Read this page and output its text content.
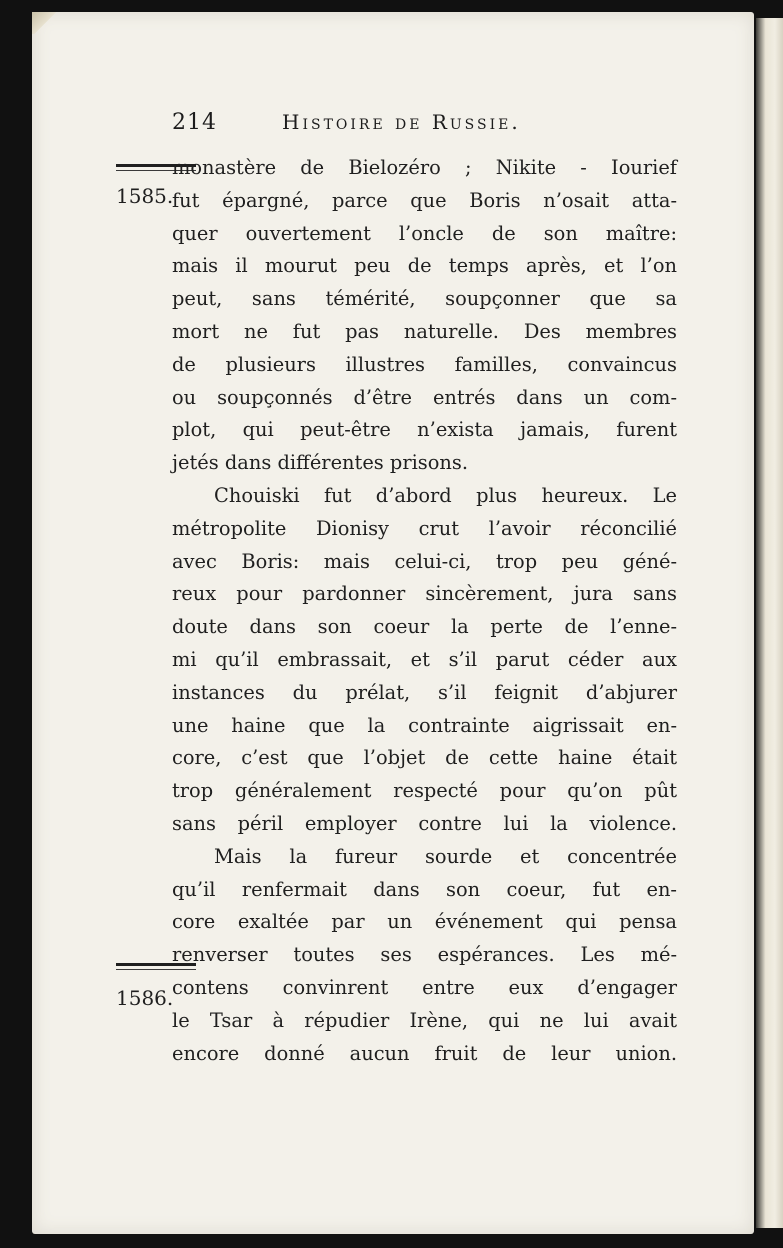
214	Histoire de Russie.
1585.
1586.
monastère de Bielozéro ; Nikite - Iourief
fut épargné, parce que Boris n’osait atta-
quer ouvertement l’oncle de son maître:
mais il mourut peu de temps après, et l’on
peut, sans témérité, soupçonner que sa
mort ne fut pas naturelle. Des membres
de plusieurs illustres familles, convaincus
ou soupçonnés d’être entrés dans un com-
plot, qui peut-être n’exista jamais, furent
jetés dans différentes prisons.
Chouiski fut d’abord plus heureux. Le
métropolite Dionisy crut l’avoir réconcilié
avec Boris: mais celui-ci, trop peu géné-
reux pour pardonner sincèrement, jura sans
doute dans son coeur la perte de l’enne-
mi qu’il embrassait, et s’il parut céder aux
instances du prélat, s’il feignit d’abjurer
une haine que la contrainte aigrissait en-
core, c’est que l’objet de cette haine était
trop généralement respecté pour qu’on pût
sans péril employer contre lui la violence.
Mais la fureur sourde et concentrée
qu’il renfermait dans son coeur, fut en-
core exaltée par un événement qui pensa
renverser toutes ses espérances. Les mé-
contens convinrent entre eux d’engager
le Tsar à répudier Irène, qui ne lui avait
encore donné aucun fruit de leur union.
